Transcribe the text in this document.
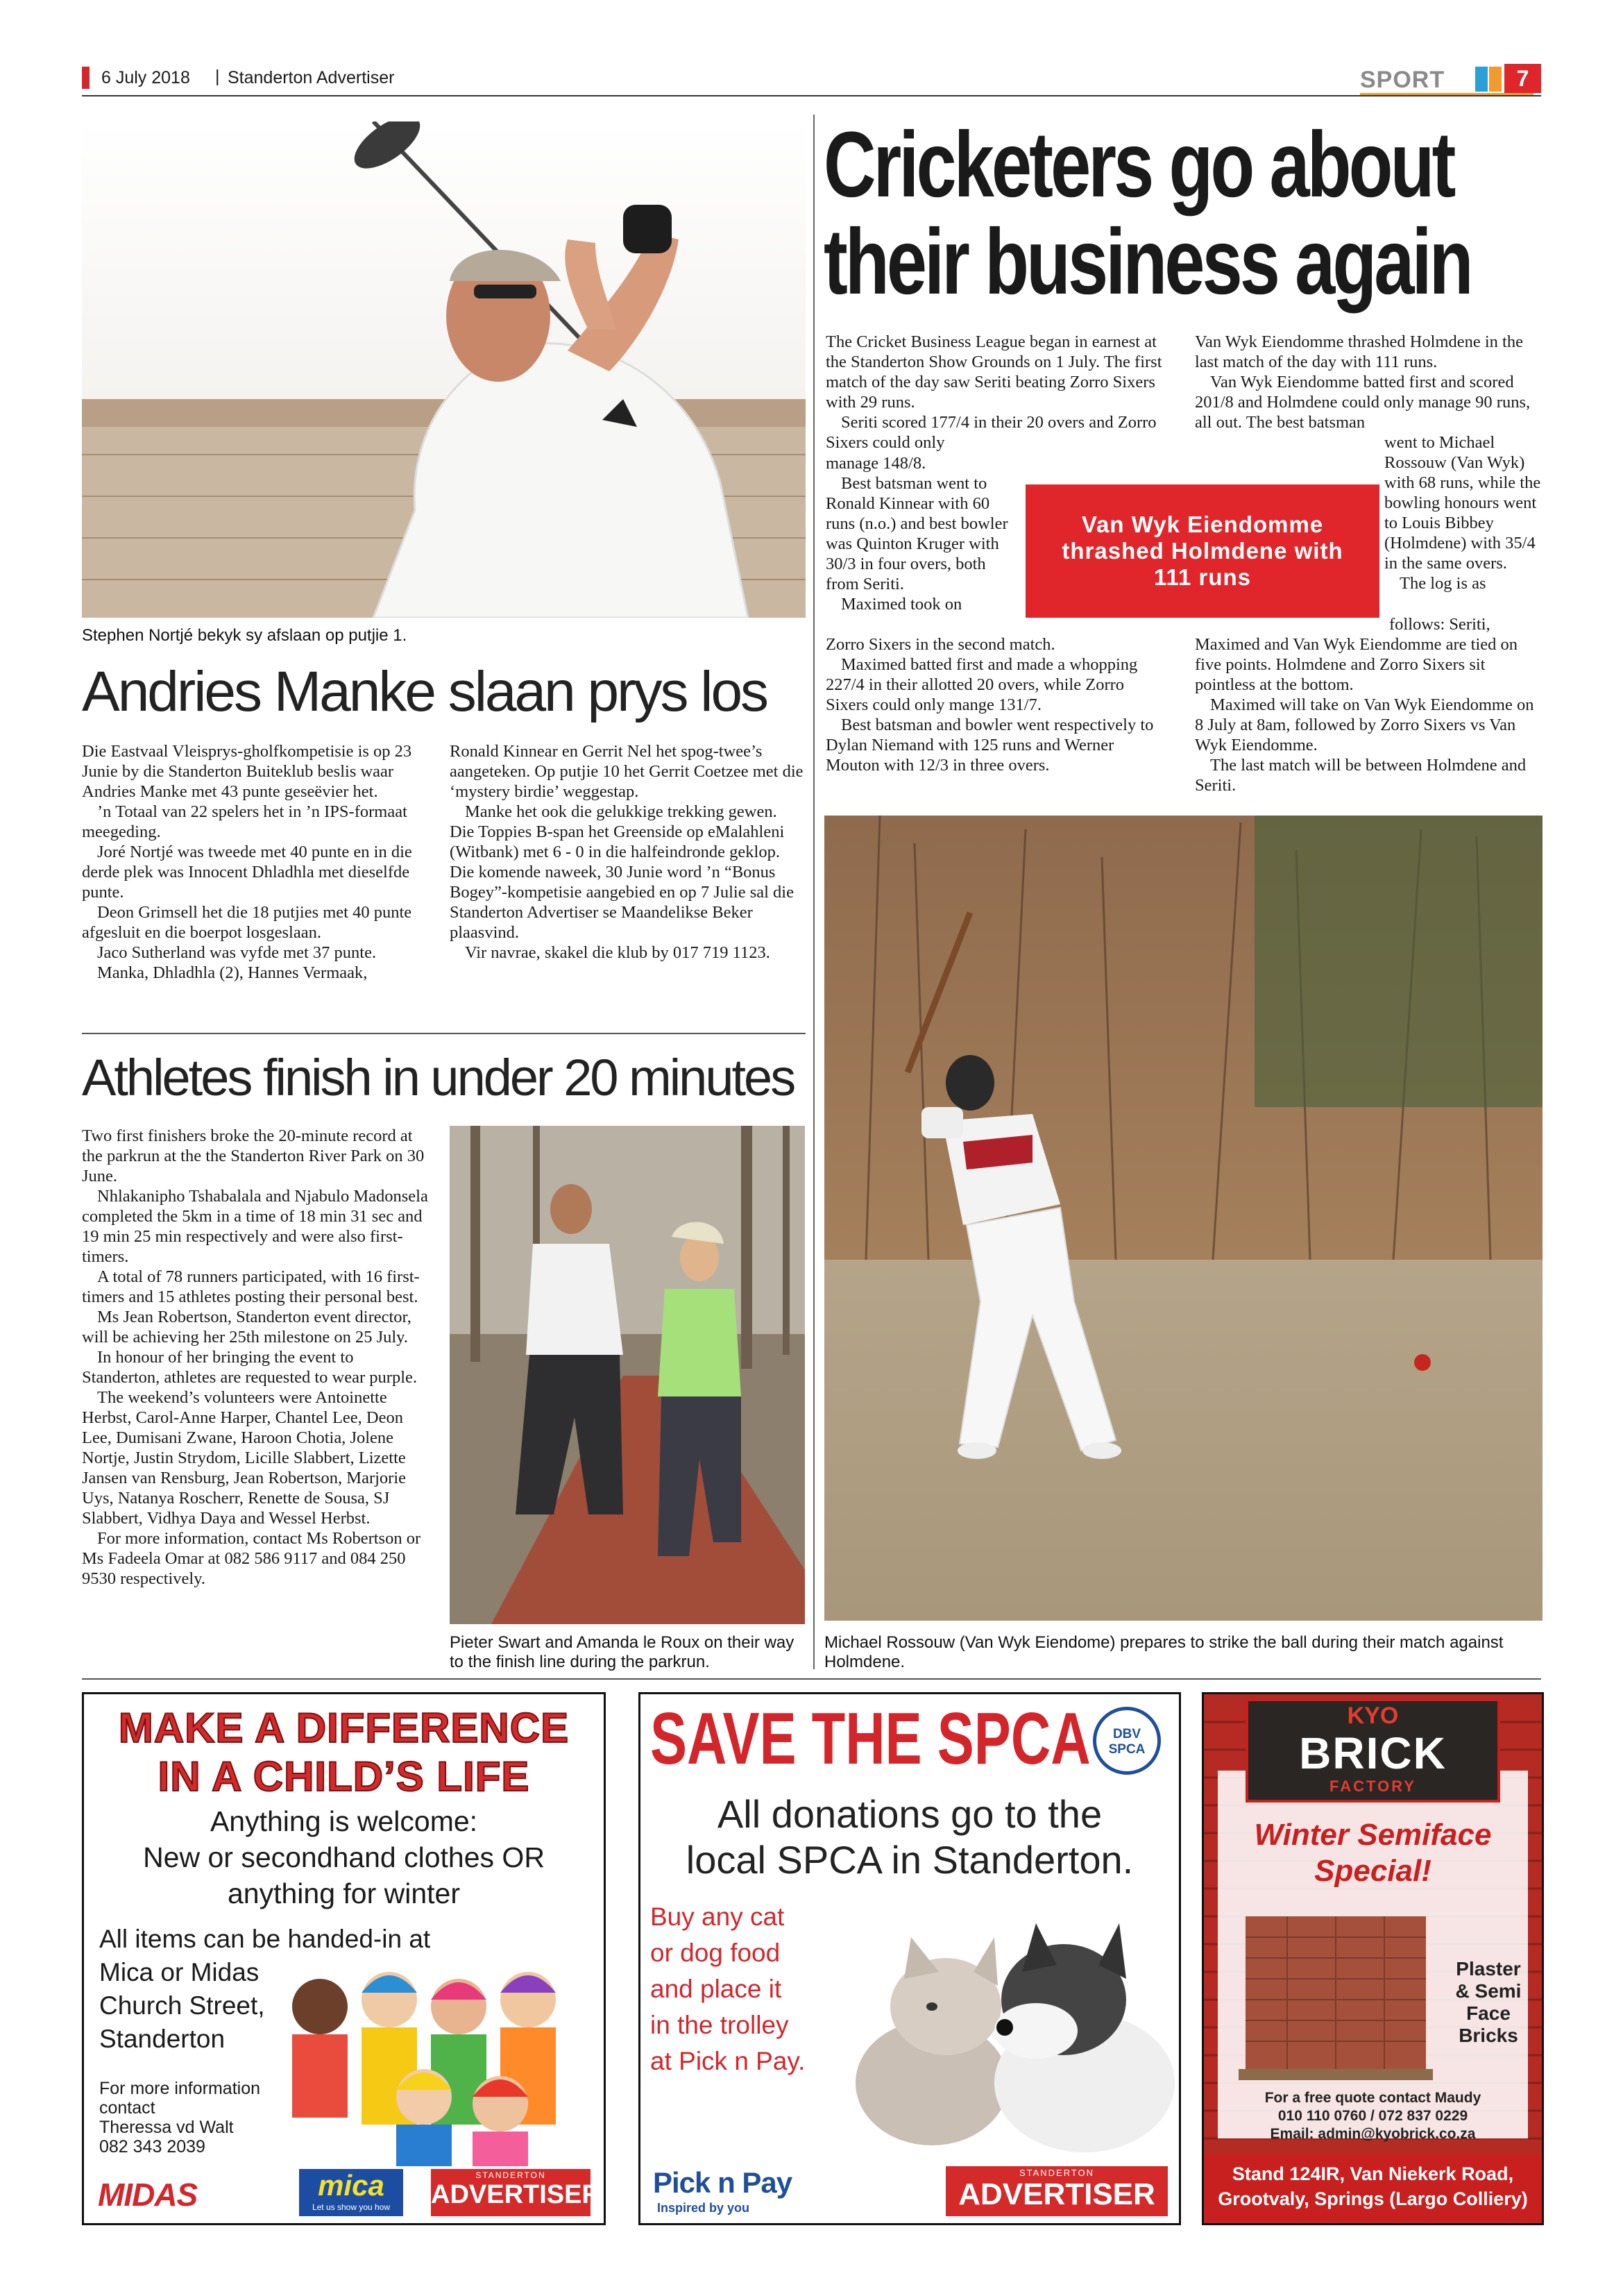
6 July 2018 | Standerton Advertiser	SPORT	7
Stephen Nortjé bekyk sy afslaan op putjie 1.
Andries Manke slaan prys los

Die Eastvaal Vleisprys-gholfkompetisie is op 23 Junie by die Standerton Buiteklub beslis waar Andries Manke met 43 punte geseëvier het.

’n Totaal van 22 spelers het in ’n IPS-formaat meegeding.

Joré Nortjé was tweede met 40 punte en in die derde plek was Innocent Dhladhla met dieselfde punte.

Deon Grimsell het die 18 putjies met 40 punte afgesluit en die boerpot losgeslaan.

Jaco Sutherland was vyfde met 37 punte.

Manka, Dhladhla (2), Hannes Vermaak,

Ronald Kinnear en Gerrit Nel het spog-twee’s aangeteken. Op putjie 10 het Gerrit Coetzee met die ‘mystery birdie’ weggestap.

Manke het ook die gelukkige trekking gewen. Die Toppies B-span het Greenside op eMalahleni (Witbank) met 6 - 0 in die halfeindronde geklop. Die komende naweek, 30 Junie word ’n “Bonus Bogey”-kompetisie aangebied en op 7 Julie sal die Standerton Advertiser se Maandelikse Beker plaasvind.

Vir navrae, skakel die klub by 017 719 1123.

Athletes finish in under 20 minutes

Two first finishers broke the 20-minute record at the parkrun at the the Standerton River Park on 30 June.

Nhlakanipho Tshabalala and Njabulo Madonsela completed the 5km in a time of 18 min 31 sec and 19 min 25 min respectively and were also first-timers.

A total of 78 runners participated, with 16 first-timers and 15 athletes posting their personal best.

Ms Jean Robertson, Standerton event director, will be achieving her 25th milestone on 25 July.

In honour of her bringing the event to Standerton, athletes are requested to wear purple.

The weekend’s volunteers were Antoinette Herbst, Carol-Anne Harper, Chantel Lee, Deon Lee, Dumisani Zwane, Haroon Chotia, Jolene Nortje, Justin Strydom, Licille Slabbert, Lizette Jansen van Rensburg, Jean Robertson, Marjorie Uys, Natanya Roscherr, Renette de Sousa, SJ Slabbert, Vidhya Daya and Wessel Herbst.

For more information, contact Ms Robertson or Ms Fadeela Omar at 082 586 9117 and 084 250 9530 respectively.

Pieter Swart and Amanda le Roux on their way to the finish line during the parkrun.
Cricketers go about
their business again

The Cricket Business League began in earnest at the Standerton Show Grounds on 1 July. The first match of the day saw Seriti beating Zorro Sixers with 29 runs.

Seriti scored 177/4 in their 20 overs and Zorro Sixers could only

manage 148/8.

Best batsman went to Ronald Kinnear with 60 runs (n.o.) and best bowler was Quinton Kruger with 30/3 in four overs, both from Seriti.

Maximed took on

Zorro Sixers in the second match.

Maximed batted first and made a whopping 227/4 in their allotted 20 overs, while Zorro Sixers could only mange 131/7.

Best batsman and bowler went respectively to Dylan Niemand with 125 runs and Werner Mouton with 12/3 in three overs.

Van Wyk Eiendomme thrashed Holmdene with 111 runs

Van Wyk Eiendomme thrashed Holmdene in the last match of the day with 111 runs.

Van Wyk Eiendomme batted first and scored 201/8 and Holmdene could only manage 90 runs, all out. The best batsman

went to Michael Rossouw (Van Wyk) with 68 runs, while the bowling honours went to Louis Bibbey (Holmdene) with 35/4 in the same overs.

The log is as

follows: Seriti,

Maximed and Van Wyk Eiendomme are tied on five points. Holmdene and Zorro Sixers sit pointless at the bottom.

Maximed will take on Van Wyk Eiendomme on 8 July at 8am, followed by Zorro Sixers vs Van Wyk Eiendomme.

The last match will be between Holmdene and Seriti.

Michael Rossouw (Van Wyk Eiendome) prepares to strike the ball during their match against Holmdene.
MAKE A DIFFERENCE
IN A CHILD’S LIFE
Anything is welcome:
New or secondhand clothes OR
anything for winter
All items can be handed-in at
Mica or Midas
Church Street,
Standerton
For more information
contact
Theressa vd Walt
082 343 2039
MIDAS	mica
Let us show you how
STANDERTON
ADVERTISER
SAVE THE SPCA	DBV
SPCA
All donations go to the
local SPCA in Standerton.
Buy any cat
or dog food
and place it
in the trolley
at Pick n Pay.
Pick n Pay
Inspired by you
STANDERTON
ADVERTISER
KYO
BRICK
FACTORY
Winter Semiface
Special!
Plaster
& Semi
Face
Bricks
For a free quote contact Maudy
010 110 0760 / 072 837 0229
Email: admin@kyobrick.co.za
Stand 124IR, Van Niekerk Road,
Grootvaly, Springs (Largo Colliery)
